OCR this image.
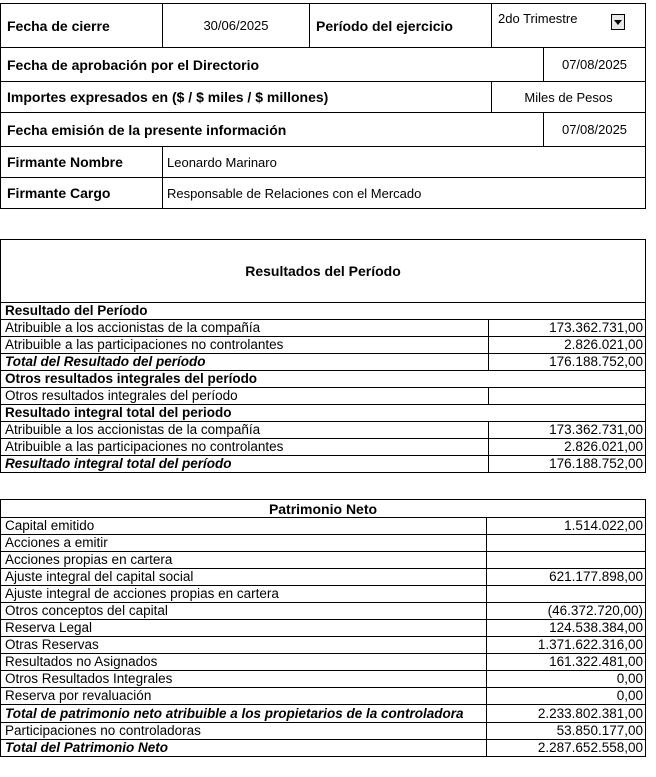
Fecha de cierre	30/06/2025	Período del ejercicio	2do Trimestre	

Fecha de aprobación por el Directorio				07/08/2025
Importes expresados en ($ / $ miles / $ millones)			Miles de Pesos	
Fecha emisión de la presente información				07/08/2025
Firmante Nombre	Leonardo Marinaro			
Firmante Cargo	Responsable de Relaciones con el Mercado			
Resultados del Período	
Resultado del Período	
Atribuible a los accionistas de la compañía	173.362.731,00
Atribuible a las participaciones no controlantes	2.826.021,00
Total del Resultado del período	176.188.752,00
Otros resultados integrales del período	
Otros resultados integrales del período	
Resultado integral total del periodo	
Atribuible a los accionistas de la compañía	173.362.731,00
Atribuible a las participaciones no controlantes	2.826.021,00
Resultado integral total del período	176.188.752,00
Patrimonio Neto	
Capital emitido	1.514.022,00
Acciones a emitir	
Acciones propias en cartera	
Ajuste integral del capital social	621.177.898,00
Ajuste integral de acciones propias en cartera	
Otros conceptos del capital	(46.372.720,00)
Reserva Legal	124.538.384,00
Otras Reservas	1.371.622.316,00
Resultados no Asignados	161.322.481,00
Otros Resultados Integrales	0,00
Reserva por revaluación	0,00
Total de patrimonio neto atribuible a los propietarios de la controladora	2.233.802.381,00
Participaciones no controladoras	53.850.177,00
Total del Patrimonio Neto	2.287.652.558,00
